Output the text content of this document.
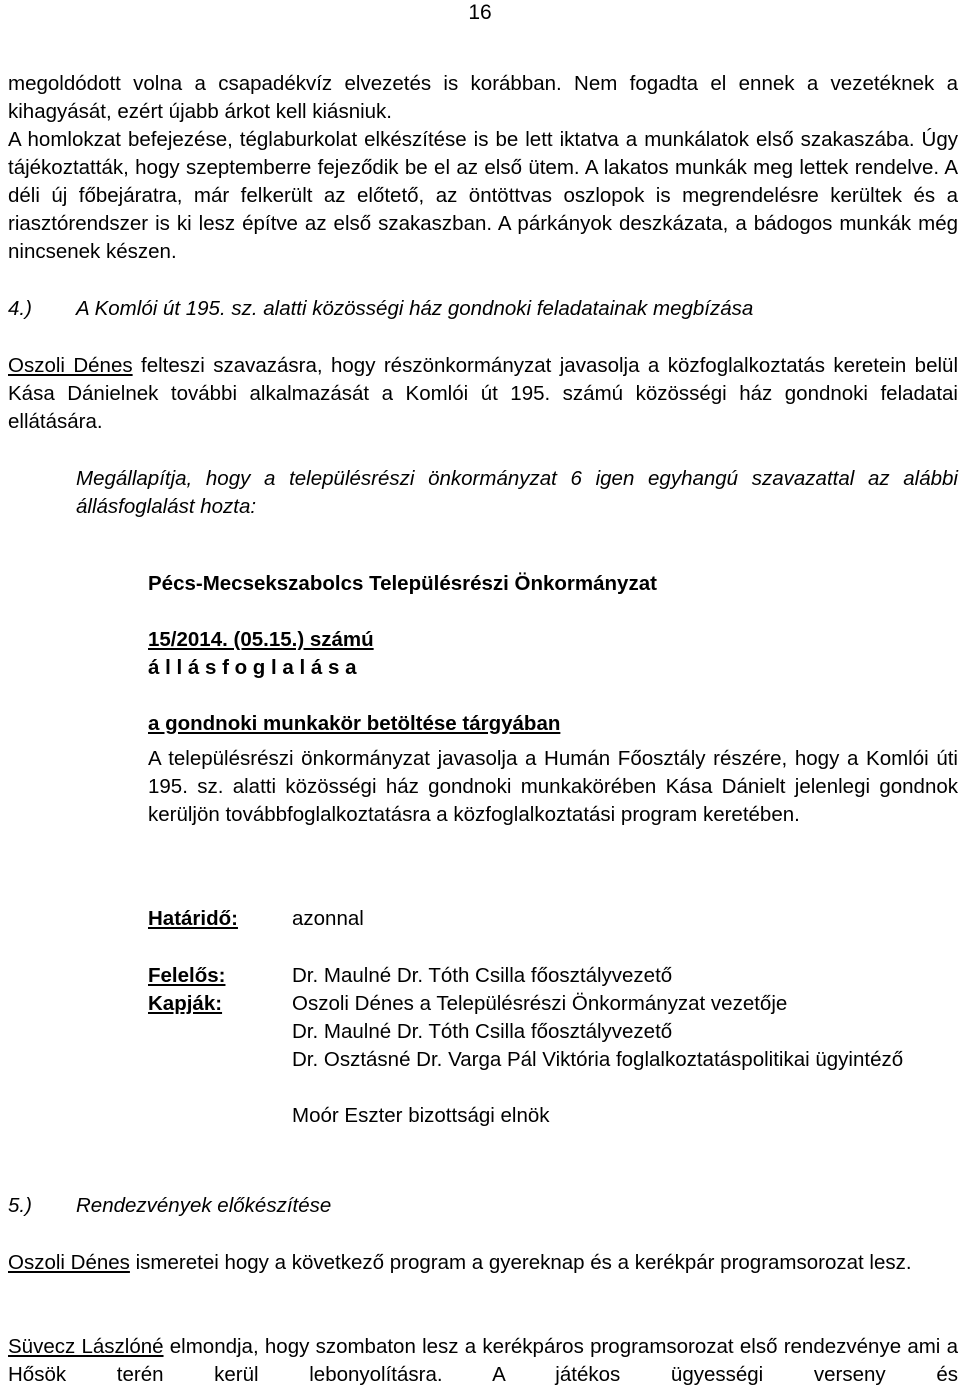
16

megoldódott volna a csapadékvíz elvezetés is korábban. Nem fogadta el ennek a vezetéknek a kihagyását, ezért újabb árkot kell kiásniuk.

A homlokzat befejezése, téglaburkolat elkészítése is be lett iktatva a munkálatok első szakaszába. Úgy tájékoztatták, hogy szeptemberre fejeződik be el az első ütem. A lakatos munkák meg lettek rendelve. A déli új főbejáratra, már felkerült az előtető, az öntöttvas oszlopok is megrendelésre kerültek és a riasztórendszer is ki lesz építve az első szakaszban. A párkányok deszkázata, a bádogos munkák még nincsenek készen.

4.) A Komlói út 195. sz. alatti közösségi ház gondnoki feladatainak megbízása

Oszoli Dénes felteszi szavazásra, hogy részönkormányzat javasolja a közfoglalkoztatás keretein belül Kása Dánielnek további alkalmazását a Komlói út 195. számú közösségi ház gondnoki feladatai ellátására.

Megállapítja, hogy a településrészi önkormányzat 6 igen egyhangú szavazattal az alábbi állásfoglalást hozta:

Pécs-Mecsekszabolcs Településrészi Önkormányzat

15/2014. (05.15.) számú

á l l á s f o g l a l á s a

a gondnoki munkakör betöltése tárgyában

A településrészi önkormányzat javasolja a Humán Főosztály részére, hogy a Komlói úti 195. sz. alatti közösségi ház gondnoki munkakörében Kása Dánielt jelenlegi gondnok kerüljön továbbfoglalkoztatásra a közfoglalkoztatási program keretében.

Határidő:	azonnal

Felelős:	Dr. Maulné Dr. Tóth Csilla főosztályvezető

Kapják:	Oszoli Dénes a Településrészi Önkormányzat vezetője

Dr. Maulné Dr. Tóth Csilla főosztályvezető

Dr. Osztásné Dr. Varga Pál Viktória foglalkoztatáspolitikai ügyintéző

Moór Eszter bizottsági elnök

5.) Rendezvények előkészítése

Oszoli Dénes ismeretei hogy a következő program a gyereknap és a kerékpár programsorozat lesz.

Süvecz Lászlóné elmondja, hogy szombaton lesz a kerékpáros programsorozat első rendezvénye ami a Hősök terén kerül lebonyolításra. A játékos ügyességi verseny és
